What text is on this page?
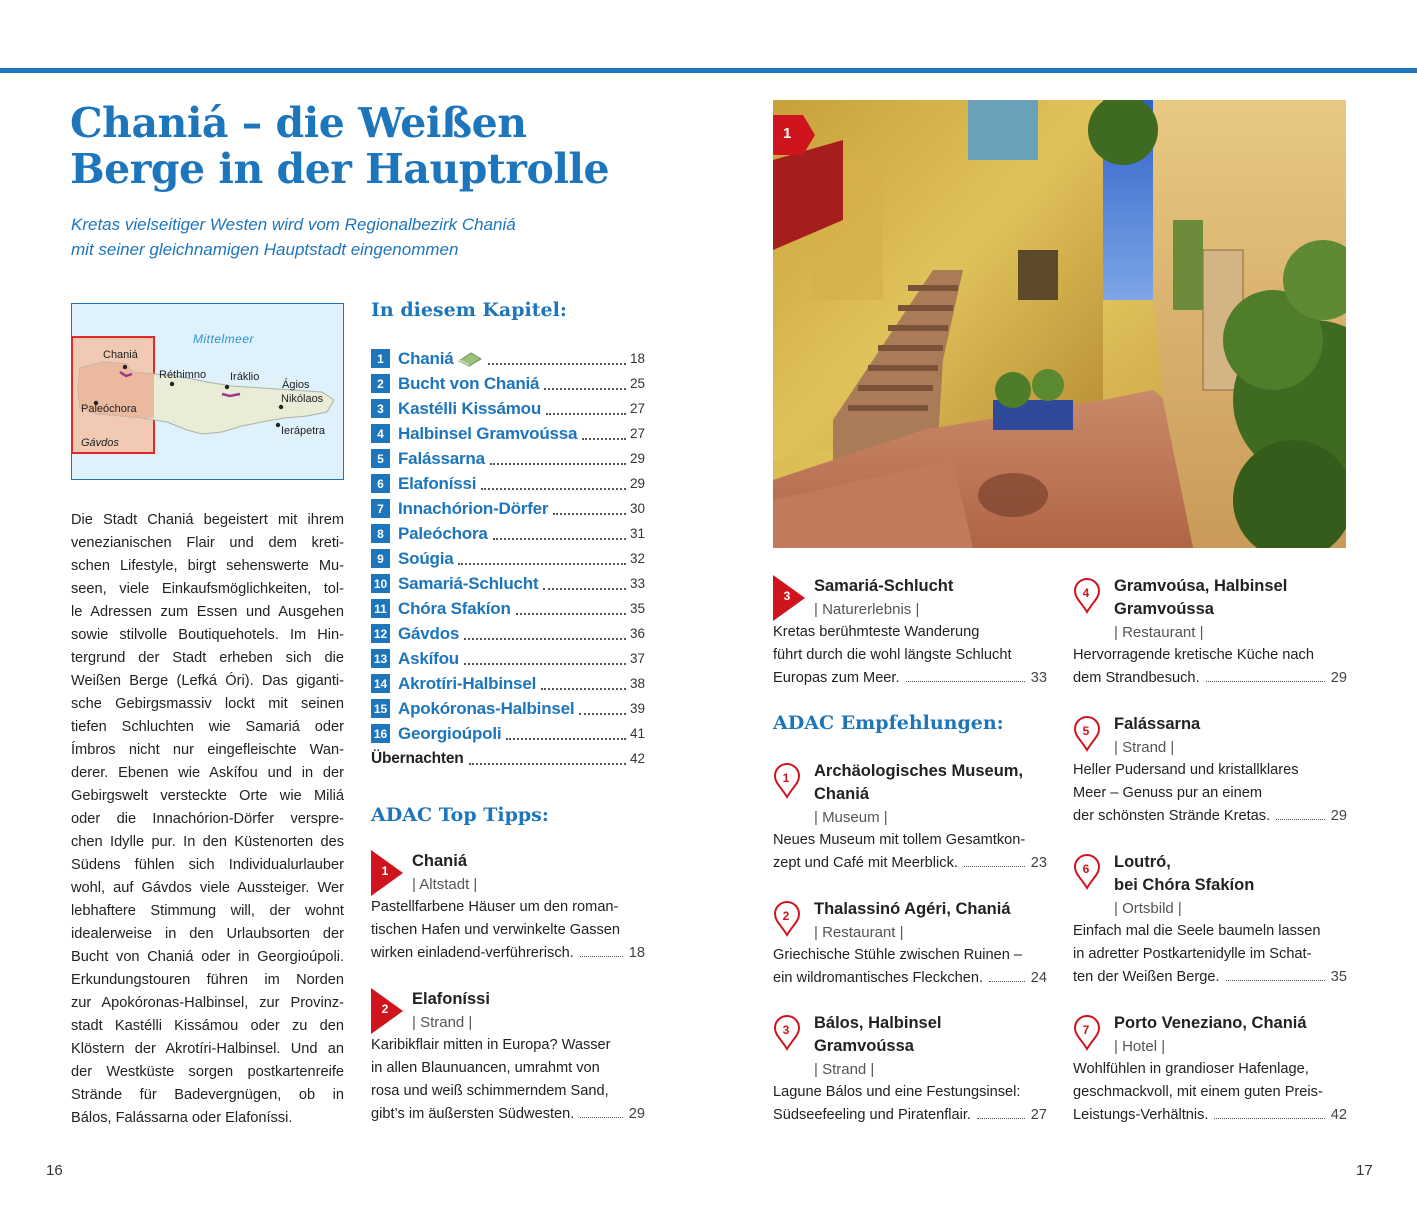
Chaniá – die Weißen
Berge in der Hauptrolle
Kretas vielseitiger Westen wird vom Regionalbezirk Chaniá
mit seiner gleichnamigen Hauptstadt eingenommen
Mittelmeer
Chaniá
Réthimno Iráklio
Ágios
Nikólaos
Paleóchora
Ierápetra
Gávdos
Die Stadt Chaniá begeistert mit ihrem
venezianischen Flair und dem kreti-
schen Lifestyle, birgt sehenswerte Mu-
seen, viele Einkaufsmöglichkeiten, tol-
le Adressen zum Essen und Ausgehen
sowie stilvolle Boutiquehotels. Im Hin-
tergrund der Stadt erheben sich die
Weißen Berge (Lefká Óri). Das giganti-
sche Gebirgsmassiv lockt mit seinen
tiefen Schluchten wie Samariá oder
Ímbros nicht nur eingefleischte Wan-
derer. Ebenen wie Askífou und in der
Gebirgswelt versteckte Orte wie Miliá
oder die Innachórion-Dörfer verspre-
chen Idylle pur. In den Küstenorten des
Südens fühlen sich Individualurlauber
wohl, auf Gávdos viele Aussteiger. Wer
lebhaftere Stimmung will, der wohnt
idealerweise in den Urlaubsorten der
Bucht von Chaniá oder in Georgioúpoli.
Erkundungstouren führen im Norden
zur Apokóronas-Halbinsel, zur Provinz-
stadt Kastélli Kissámou oder zu den
Klöstern der Akrotíri-Halbinsel. Und an
der Westküste sorgen postkartenreife
Strände für Badevergnügen, ob in
Bálos, Falássarna oder Elafoníssi.
In diesem Kapitel:
1 Chaniá	18
2 Bucht von Chaniá	25
3 Kastélli Kissámou	27
4 Halbinsel Gramvoússa	27
5 Falássarna	29
6 Elafoníssi	29
7 Innachórion-Dörfer	30
8 Paleóchora	31
9 Soúgia	32
10 Samariá-Schlucht	33
11 Chóra Sfakíon	35
12 Gávdos	36
13 Askífou	37
14 Akrotíri-Halbinsel	38
15 Apokóronas-Halbinsel	39
16 Georgioúpoli	41
Übernachten	42
ADAC Top Tipps:
1
Chaniá
| Altstadt |
Pastellfarbene Häuser um den roman-
tischen Hafen und verwinkelte Gassen
wirken einladend-verführerisch.	18
2
Elafoníssi
| Strand |
Karibikflair mitten in Europa? Wasser
in allen Blaunuancen, umrahmt von
rosa und weiß schimmerndem Sand,
gibt’s im äußersten Südwesten.	29
3
Samariá-Schlucht
| Naturerlebnis |
Kretas berühmteste Wanderung
führt durch die wohl längste Schlucht
Europas zum Meer.	33
1
ADAC Empfehlungen:
1	Archäologisches Museum,
Chaniá
| Museum |
Neues Museum mit tollem Gesamtkon-
zept und Café mit Meerblick.	23
2	Thalassinó Agéri, Chaniá
| Restaurant |
Griechische Stühle zwischen Ruinen –
ein wildromantisches Fleckchen.	24
3	Bálos, Halbinsel
Gramvoússa
| Strand |
Lagune Bálos und eine Festungsinsel:
Südseefeeling und Piratenflair.	27
4	Gramvoúsa, Halbinsel
Gramvoússa
| Restaurant |
Hervorragende kretische Küche nach
dem Strandbesuch.	29
5	Falássarna
| Strand |
Heller Pudersand und kristallklares
Meer – Genuss pur an einem
der schönsten Strände Kretas.	29
6	Loutró,
bei Chóra Sfakíon
| Ortsbild |
Einfach mal die Seele baumeln lassen
in adretter Postkartenidylle im Schat-
ten der Weißen Berge.	35
7	Porto Veneziano, Chaniá
| Hotel |
Wohlfühlen in grandioser Hafenlage,
geschmackvoll, mit einem guten Preis-
Leistungs-Verhältnis.	42
16	17
